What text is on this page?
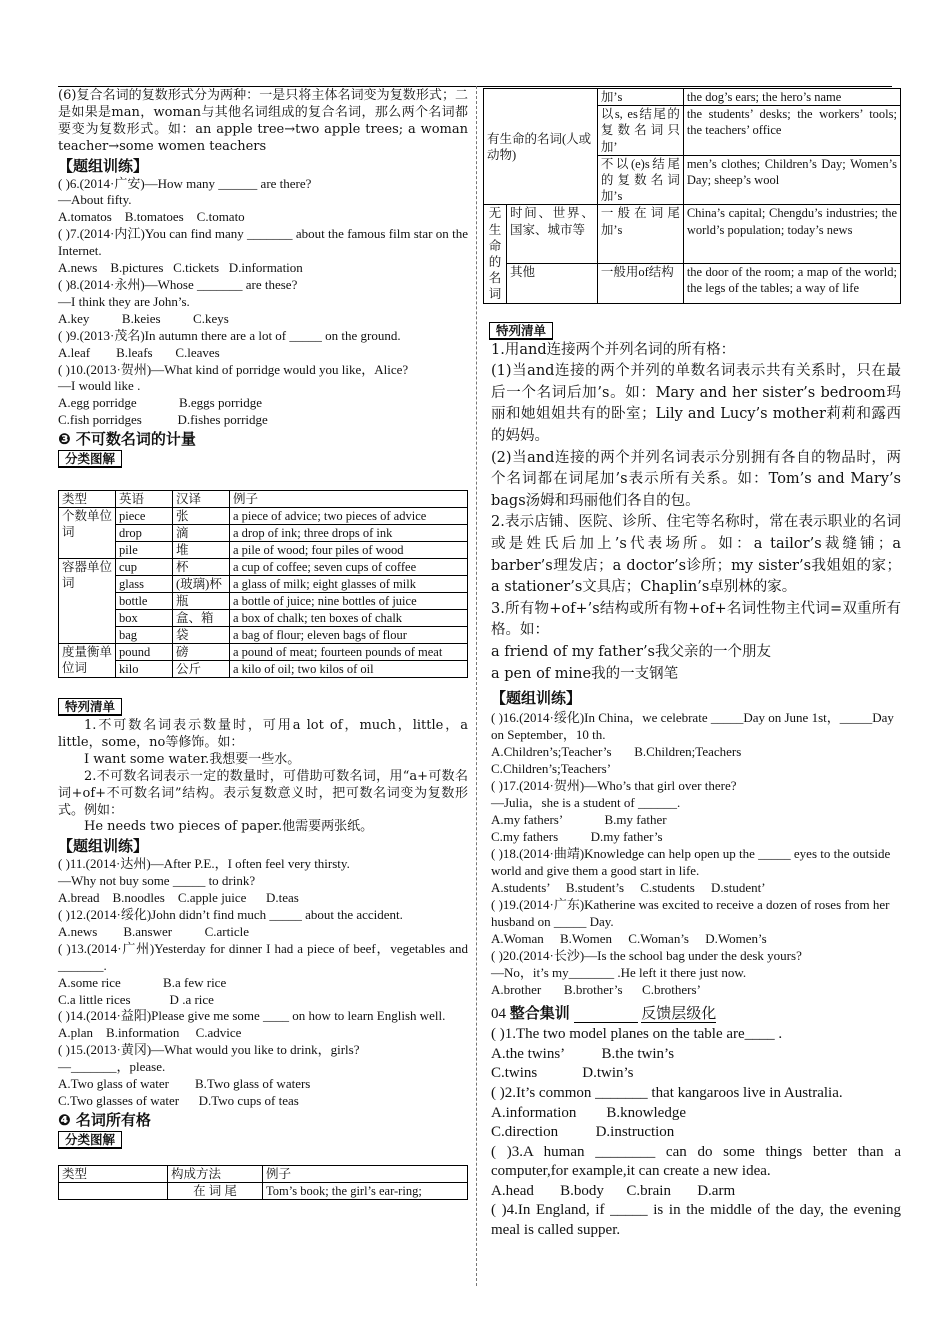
(6)复合名词的复数形式分为两种：一是只将主体名词变为复数形式；二是如果是man，woman与其他名词组成的复合名词，那么两个名词都要变为复数形式。如：an apple tree→two apple trees; a woman teacher→some women teachers

【题组训练】

( )6.(2014·广安)—How many ______ are there?

—About fifty.

A.tomatos    B.tomatoes    C.tomato

( )7.(2014·内江)You can find many _______ about the famous film star on the Internet.

A.news    B.pictures   C.tickets   D.information

( )8.(2014·永州)—Whose _______ are these?

—I think they are John’s.

A.key          B.keies          C.keys

( )9.(2013·茂名)In autumn there are a lot of _____ on the ground.

A.leaf        B.leafs       C.leaves

( )10.(2013·贺州)—What kind of porridge would you like，Alice?

—I would like .

A.egg porridge             B.eggs porridge

C.fish porridges           D.fishes porridge

❸ 不可数名词的计量
分类图解
类型	英语	汉译	例子
个数单位词	piece	张	a piece of advice; two pieces of advice
	drop	滴	a drop of ink; three drops of ink
	pile	堆	a pile of wood; four piles of wood
容器单位词	cup	杯	a cup of coffee; seven cups of coffee
	glass	(玻璃)杯	a glass of milk; eight glasses of milk
	bottle	瓶	a bottle of juice; nine bottles of juice
	box	盒、箱	a box of chalk; ten boxes of chalk
	bag	袋	a bag of flour; eleven bags of flour
度量衡单位词	pound	磅	a pound of meat; fourteen pounds of meat
	kilo	公斤	a kilo of oil; two kilos of oil
特列清单

1.不可数名词表示数量时，可用a lot of，much，little，a little，some，no等修饰。如：

I want some water.我想要一些水。

2.不可数名词表示一定的数量时，可借助可数名词，用“a+可数名词+of+不可数名词”结构。表示复数意义时，把可数名词变为复数形式。例如：

He needs two pieces of paper.他需要两张纸。

【题组训练】

( )11.(2014·达州)—After P.E.，I often feel very thirsty.

—Why not buy some _____ to drink?

A.bread    B.noodles    C.apple juice      D.teas

( )12.(2014·绥化)John didn’t find much _____ about the accident.

A.news        B.answer          C.article

( )13.(2014·广州)Yesterday for dinner I had a piece of beef，vegetables and _______.

A.some rice             B.a few rice

C.a little rices            D .a rice

( )14.(2014·益阳)Please give me some ____ on how to learn English well.

A.plan    B.information     C.advice

( )15.(2013·黄冈)—What would you like to drink，girls?

—_______，please.

A.Two glass of water        B.Two glass of waters

C.Two glasses of water      D.Two cups of teas

❹ 名词所有格
分类图解
类型	构成方法	例子
	在 词 尾	Tom’s book; the girl’s ear-ring;
有生命的名词(人或动物)		加’s	the dog’s ears; the hero’s name
		以s, es结尾的复数名词只加’	the students’ desks; the workers’ tools; the teachers’ office
		不以(e)s结尾的复数名词加’s	men’s clothes; Children’s Day; Women’s Day; sheep’s wool
无生命的名词	时间、世界、国家、城市等	一般在词尾加’s	China’s capital; Chengdu’s industries; the world’s population; today’s news
	其他	一般用of结构	the door of the room; a map of the world; the legs of the tables; a way of life
特列清单

1.用and连接两个并列名词的所有格：

(1)当and连接的两个并列的单数名词表示共有关系时，只在最后一个名词后加’s。如：Mary and her sister’s bedroom玛丽和她姐姐共有的卧室；Lily and Lucy’s mother莉莉和露西的妈妈。

(2)当and连接的两个并列名词表示分别拥有各自的物品时，两个名词都在词尾加’s表示所有关系。如：Tom’s and Mary’s bags汤姆和玛丽他们各自的包。

2.表示店铺、医院、诊所、住宅等名称时，常在表示职业的名词或是姓氏后加上’s代表场所。如：a tailor’s裁缝铺；a barber’s理发店；a doctor’s诊所；my sister’s我姐姐的家；a stationer’s文具店；Chaplin’s卓别林的家。

3.所有物+of+’s结构或所有物+of+名词性物主代词=双重所有格。如：

a friend of my father’s我父亲的一个朋友

a pen of mine我的一支钢笔

【题组训练】

( )16.(2014·绥化)In China，we celebrate _____Day on June 1st，_____Day on September，10 th.

A.Children’s;Teacher’s       B.Children;Teachers

C.Children’s;Teachers’

( )17.(2014·贺州)—Who’s that girl over there?

—Julia，she is a student of ______.

A.my fathers’             B.my father

C.my fathers          D.my father’s

( )18.(2014·曲靖)Knowledge can help open up the _____ eyes to the outside world and give them a good start in life.

A.students’     B.student’s     C.students     D.student’

( )19.(2014·广东)Katherine was excited to receive a dozen of roses from her husband on _____ Day.

A.Woman     B.Women     C.Woman’s     D.Women’s

( )20.(2014·长沙)—Is the school bag under the desk yours?

—No，it’s my_______ .He left it there just now.

A.brother       B.brother’s      C.brothers’

04 整合集训	反馈层级化

( )1.The two model planes on the table are____ .

A.the twins’          B.the twin’s

C.twins            D.twin’s

( )2.It’s common _______ that kangaroos live in Australia.

A.information        B.knowledge

C.direction          D.instruction

( )3.A human ________ can do some things better than a computer,for example,it can create a new idea.

A.head       B.body      C.brain       D.arm

( )4.In England, if _____ is in the middle of the day, the evening meal is called supper.
